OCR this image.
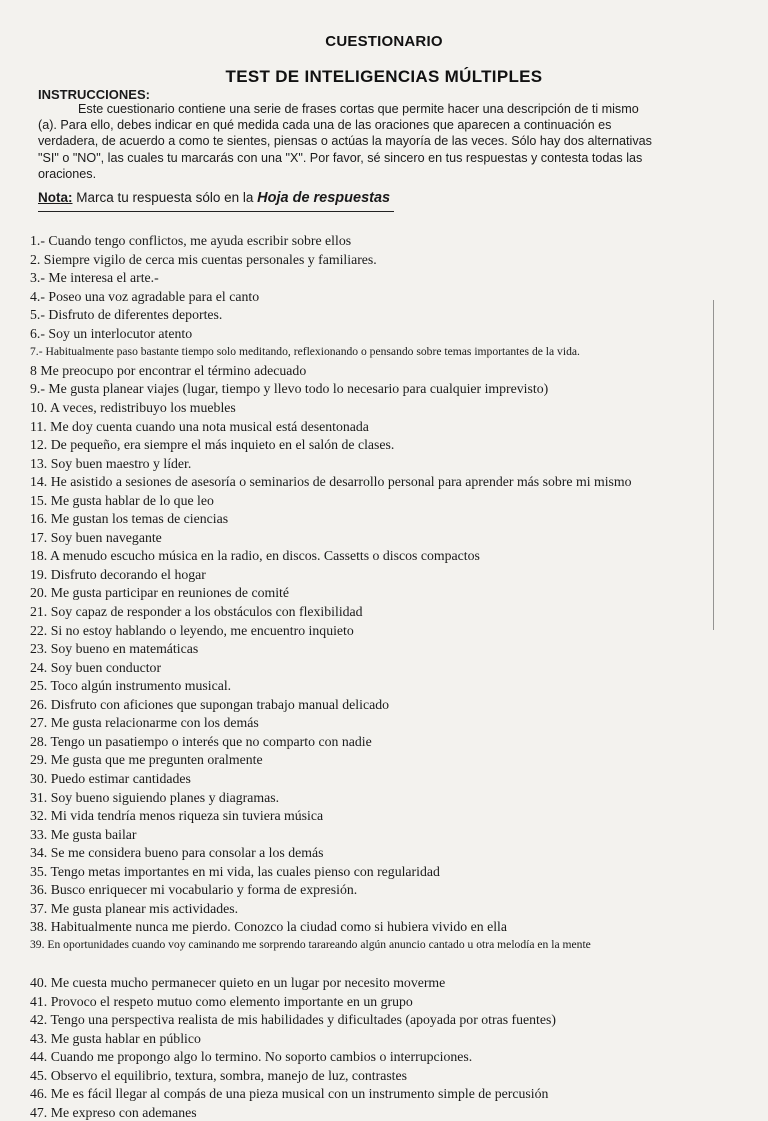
CUESTIONARIO
TEST DE INTELIGENCIAS MÚLTIPLES
INSTRUCCIONES:
Este cuestionario contiene una serie de frases cortas que permite hacer una descripción de ti mismo (a). Para ello, debes indicar en qué medida cada una de las oraciones que aparecen a continuación es verdadera, de acuerdo a como te sientes, piensas o actúas la mayoría de las veces. Sólo hay dos alternativas "SI" o "NO", las cuales tu marcarás con una "X". Por favor, sé sincero en tus respuestas y contesta todas las oraciones.
Nota: Marca tu respuesta sólo en la Hoja de respuestas
1.- Cuando tengo conflictos, me ayuda escribir sobre ellos
2. Siempre vigilo de cerca mis cuentas personales y familiares.
3.- Me interesa el arte.-
4.- Poseo una voz agradable para el canto
5.- Disfruto de diferentes deportes.
6.- Soy un interlocutor atento
7.- Habitualmente paso bastante tiempo solo meditando, reflexionando o pensando sobre temas importantes de la vida.
8 Me preocupo por encontrar el término adecuado
9.- Me gusta planear viajes (lugar, tiempo y llevo todo lo necesario para cualquier imprevisto)
10. A veces, redistribuyo los muebles
11. Me doy cuenta cuando una nota musical está desentonada
12. De pequeño, era siempre el más inquieto en el salón de clases.
13. Soy buen maestro y líder.
14. He asistido a sesiones de asesoría o seminarios de desarrollo personal para aprender más sobre mi mismo
15. Me gusta hablar de lo que leo
16. Me gustan los temas de ciencias
17. Soy buen navegante
18. A menudo escucho música en la radio, en discos. Cassetts o discos compactos
19. Disfruto decorando el hogar
20. Me gusta participar en reuniones de comité
21. Soy capaz de responder a los obstáculos con flexibilidad
22. Si no estoy hablando o leyendo, me encuentro inquieto
23. Soy bueno en matemáticas
24. Soy buen conductor
25. Toco algún instrumento musical.
26. Disfruto con aficiones que supongan trabajo manual delicado
27. Me gusta relacionarme con los demás
28. Tengo un pasatiempo o interés que no comparto con nadie
29. Me gusta que me pregunten oralmente
30. Puedo estimar cantidades
31. Soy bueno siguiendo planes y diagramas.
32. Mi vida tendría menos riqueza sin tuviera música
33. Me gusta bailar
34. Se me considera bueno para consolar a los demás
35. Tengo metas importantes en mi vida, las cuales pienso con regularidad
36. Busco enriquecer mi vocabulario y forma de expresión.
37. Me gusta planear mis actividades.
38. Habitualmente nunca me pierdo. Conozco la ciudad como si hubiera vivido en ella
39. En oportunidades cuando voy caminando me sorprendo tarareando algún anuncio cantado u otra melodía en la mente
40. Me cuesta mucho permanecer quieto en un lugar por necesito moverme
41. Provoco el respeto mutuo como elemento importante en un grupo
42. Tengo una perspectiva realista de mis habilidades y dificultades (apoyada por otras fuentes)
43. Me gusta hablar en público
44. Cuando me propongo algo lo termino. No soporto cambios o interrupciones.
45. Observo el equilibrio, textura, sombra, manejo de luz, contrastes
46. Me es fácil llegar al compás de una pieza musical con un instrumento simple de percusión
47. Me expreso con ademanes
